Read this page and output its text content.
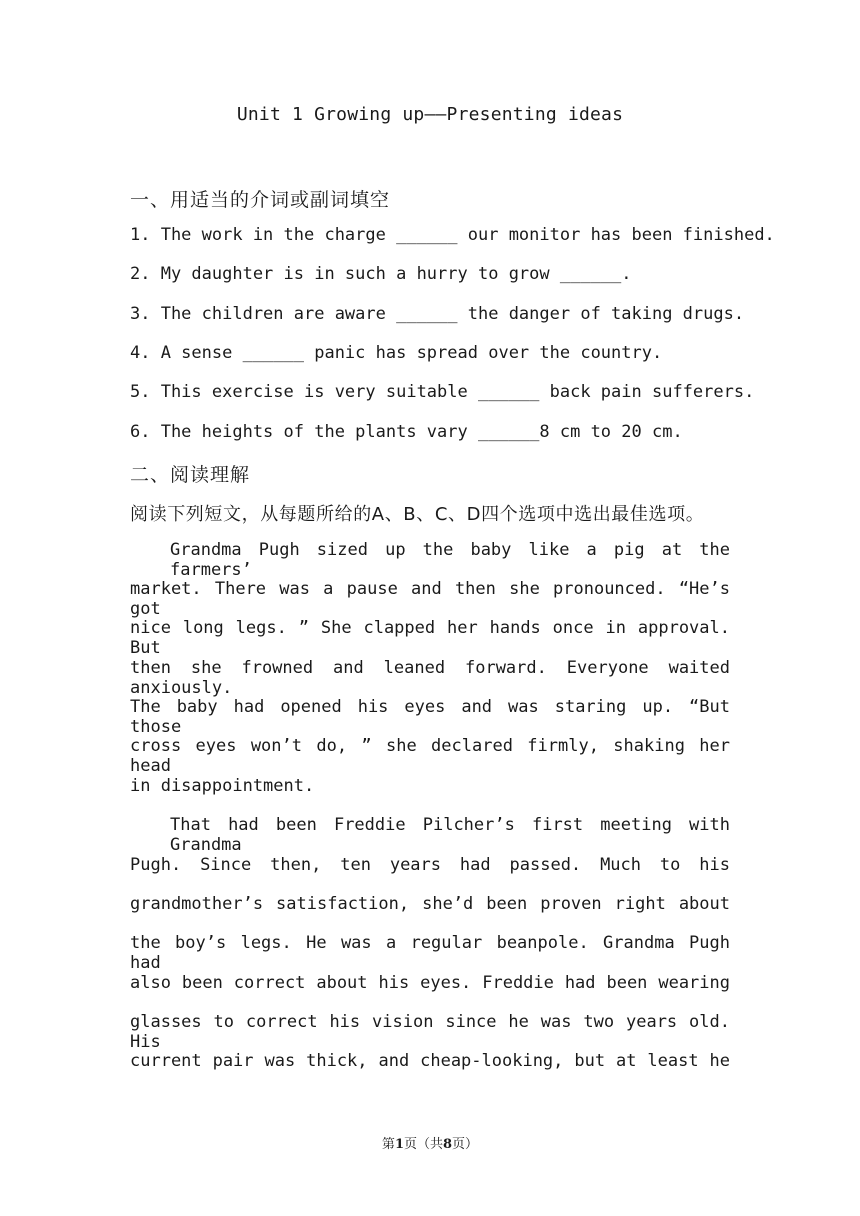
Unit 1 Growing up——Presenting ideas
一、用适当的介词或副词填空
1. The work in the charge ______ our monitor has been finished.
2. My daughter is in such a hurry to grow ______.
3. The children are aware ______ the danger of taking drugs.
4. A sense ______ panic has spread over the country.
5. This exercise is very suitable ______ back pain sufferers.
6. The heights of the plants vary ______8 cm to 20 cm.
二、阅读理解
阅读下列短文，从每题所给的A、B、C、D四个选项中选出最佳选项。
Grandma Pugh sized up the baby like a pig at the farmers’
market. There was a pause and then she pronounced. “He’s got
nice long legs. ” She clapped her hands once in approval. But
then she frowned and leaned forward. Everyone waited anxiously.
The baby had opened his eyes and was staring up. “But those
cross eyes won’t do, ” she declared firmly, shaking her head
in disappointment.
That had been Freddie Pilcher’s first meeting with Grandma
Pugh. Since then, ten years had passed. Much to his
grandmother’s satisfaction, she’d been proven right about
the boy’s legs. He was a regular beanpole. Grandma Pugh had
also been correct about his eyes. Freddie had been wearing
glasses to correct his vision since he was two years old. His
current pair was thick, and cheap-looking, but at least he
第1页（共8页）
